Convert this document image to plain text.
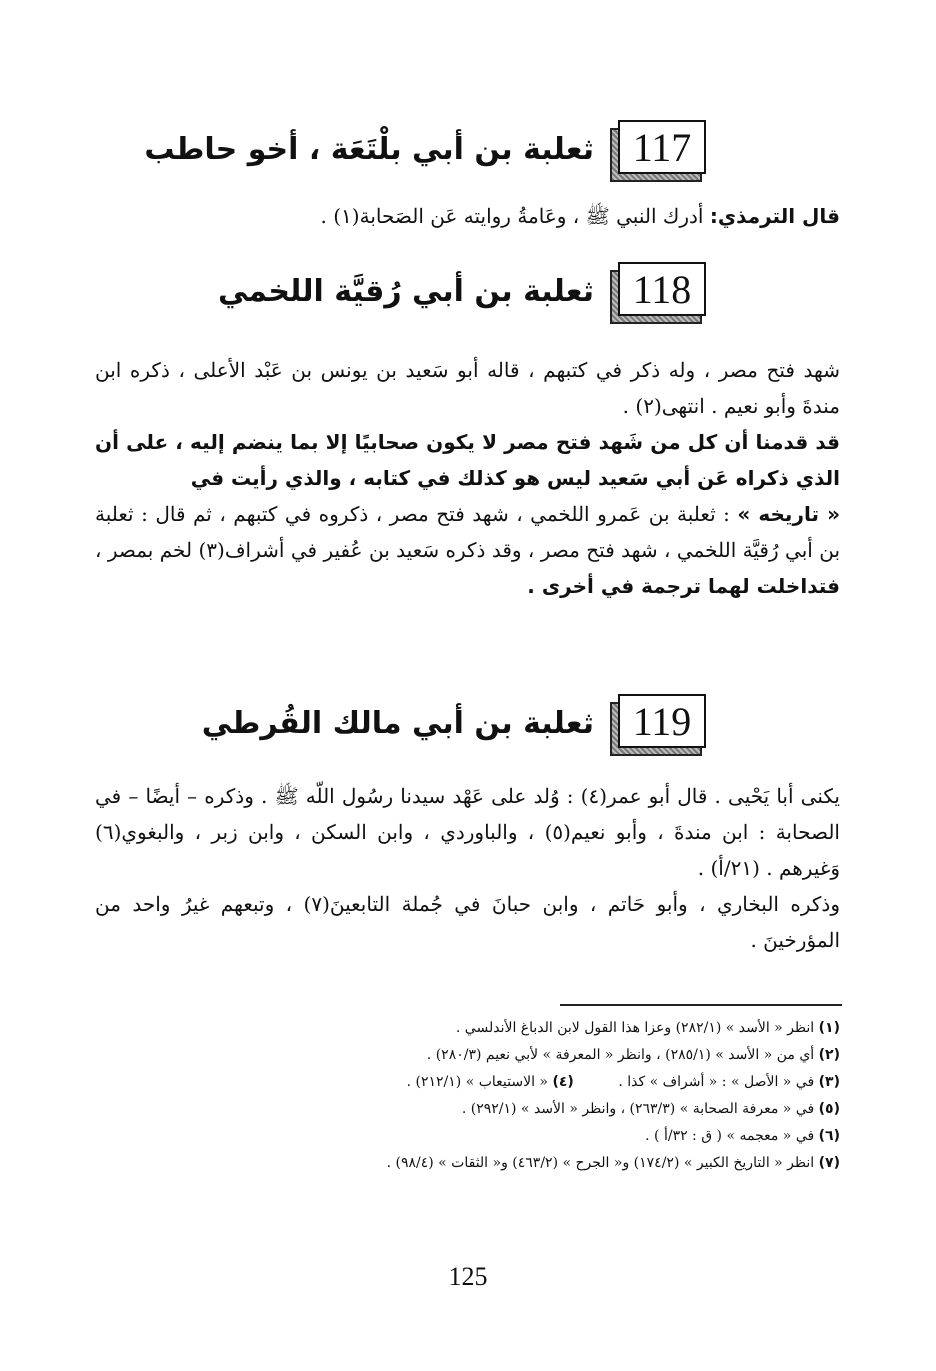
117
ثعلبة بن أبي بلْتَعَة ، أخو حاطب

قال الترمذي: أدرك النبي ﷺ ، وعَامةُ روايته عَن الصَحابة(١) .

118
ثعلبة بن أبي رُقيَّة اللخمي

شهد فتح مصر ، وله ذكر في كتبهم ، قاله أبو سَعيد بن يونس بن عَبْد الأعلى ، ذكره ابن مندةَ وأبو نعيم . انتهى(٢) .

قد قدمنا أن كل من شَهد فتح مصر لا يكون صحابيًا إلا بما ينضم إليه ، على أن الذي ذكراه عَن أبي سَعيد ليس هو كذلك في كتابه ، والذي رأيت في

« تاريخه » : ثعلبة بن عَمرو اللخمي ، شهد فتح مصر ، ذكروه في كتبهم ، ثم قال : ثعلبة بن أبي رُقيَّة اللخمي ، شهد فتح مصر ، وقد ذكره سَعيد بن عُفير في أشراف(٣) لخم بمصر ، فتداخلت لهما ترجمة في أخرى .

119
ثعلبة بن أبي مالك القُرطي

يكنى أبا يَحْيى . قال أبو عمر(٤) : وُلد على عَهْد سيدنا رسُول اللّه ﷺ . وذكره – أيضًا – في الصحابة : ابن مندةَ ، وأبو نعيم(٥) ، والباوردي ، وابن السكن ، وابن زبر ، والبغوي(٦) وَغيرهم . (٢١/أ) .

وذكره البخاري ، وأبو حَاتم ، وابن حبانَ في جُملة التابعينَ(٧) ، وتبعهم غيرُ واحد من المؤرخينَ .

(١) انظر « الأسد » (٢٨٢/١) وعزا هذا القول لابن الدباغ الأندلسي .
(٢) أي من « الأسد » (٢٨٥/١) ، وانظر « المعرفة » لأبي نعيم (٢٨٠/٣) .
(٣) في « الأصل » : « أشراف » كذا .          (٤) « الاستيعاب » (٢١٢/١) .
(٥) في « معرفة الصحابة » (٢٦٣/٣) ، وانظر « الأسد » (٢٩٢/١) .
(٦) في « معجمه » ( ق : ٣٢/أ ) .
(٧) انظر « التاريخ الكبير » (١٧٤/٢) و« الجرح » (٤٦٣/٢) و« الثقات » (٩٨/٤) .
125
